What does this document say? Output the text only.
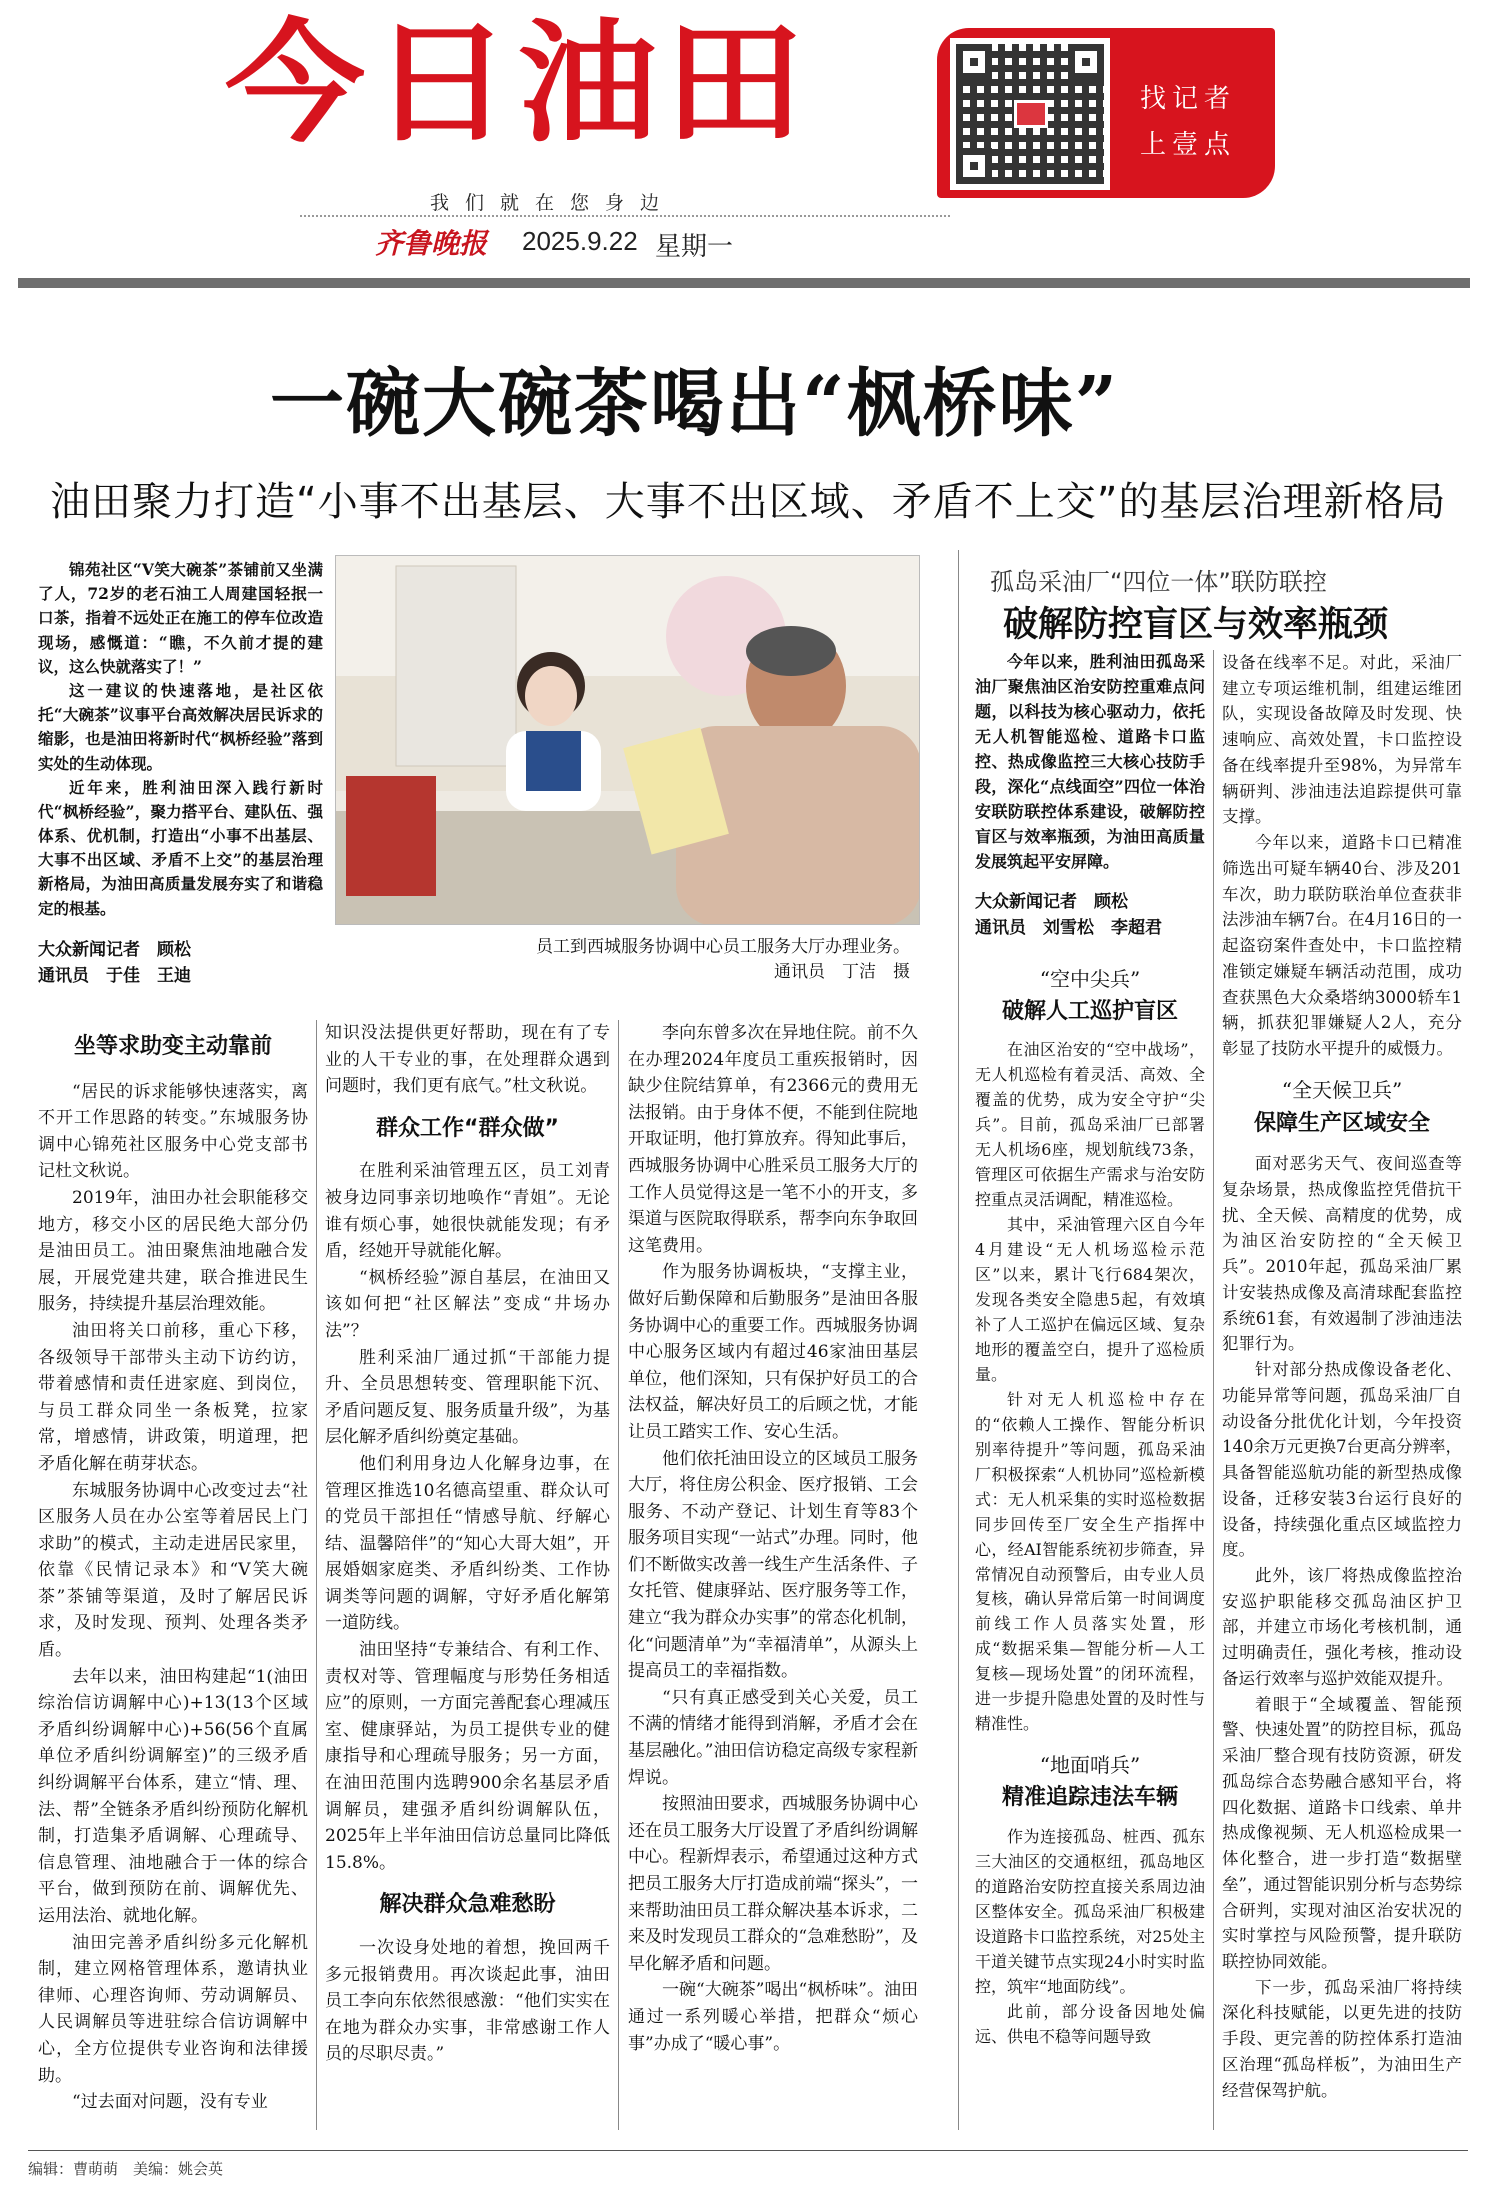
今日油田
我们就在您身边
齐鲁晚报 2025.9.22 星期一
找记者
上壹点
一碗大碗茶喝出“枫桥味”
油田聚力打造“小事不出基层、大事不出区域、矛盾不上交”的基层治理新格局

锦苑社区“V笑大碗茶”茶铺前又坐满了人，72岁的老石油工人周建国轻抿一口茶，指着不远处正在施工的停车位改造现场，感慨道：“瞧，不久前才提的建议，这么快就落实了！”

这一建议的快速落地，是社区依托“大碗茶”议事平台高效解决居民诉求的缩影，也是油田将新时代“枫桥经验”落到实处的生动体现。

近年来，胜利油田深入践行新时代“枫桥经验”，聚力搭平台、建队伍、强体系、优机制，打造出“小事不出基层、大事不出区域、矛盾不上交”的基层治理新格局，为油田高质量发展夯实了和谐稳定的根基。

大众新闻记者　顾松
通讯员　于佳　王迪
员工到西城服务协调中心员工服务大厅办理业务。
通讯员　丁洁　摄
坐等求助变主动靠前

“居民的诉求能够快速落实，离不开工作思路的转变。”东城服务协调中心锦苑社区服务中心党支部书记杜文秋说。

2019年，油田办社会职能移交地方，移交小区的居民绝大部分仍是油田员工。油田聚焦油地融合发展，开展党建共建，联合推进民生服务，持续提升基层治理效能。

油田将关口前移，重心下移，各级领导干部带头主动下访约访，带着感情和责任进家庭、到岗位，与员工群众同坐一条板凳，拉家常，增感情，讲政策，明道理，把矛盾化解在萌芽状态。

东城服务协调中心改变过去“社区服务人员在办公室等着居民上门求助”的模式，主动走进居民家里，依靠《民情记录本》和“V笑大碗茶”茶铺等渠道，及时了解居民诉求，及时发现、预判、处理各类矛盾。

去年以来，油田构建起“1(油田综治信访调解中心)+13(13个区域矛盾纠纷调解中心)+56(56个直属单位矛盾纠纷调解室)”的三级矛盾纠纷调解平台体系，建立“情、理、法、帮”全链条矛盾纠纷预防化解机制，打造集矛盾调解、心理疏导、信息管理、油地融合于一体的综合平台，做到预防在前、调解优先、运用法治、就地化解。

油田完善矛盾纠纷多元化解机制，建立网格管理体系，邀请执业律师、心理咨询师、劳动调解员、人民调解员等进驻综合信访调解中心，全方位提供专业咨询和法律援助。

“过去面对问题，没有专业

知识没法提供更好帮助，现在有了专业的人干专业的事，在处理群众遇到问题时，我们更有底气。”杜文秋说。

群众工作“群众做”

在胜利采油管理五区，员工刘青被身边同事亲切地唤作“青姐”。无论谁有烦心事，她很快就能发现；有矛盾，经她开导就能化解。

“枫桥经验”源自基层，在油田又该如何把“社区解法”变成“井场办法”？

胜利采油厂通过抓“干部能力提升、全员思想转变、管理职能下沉、矛盾问题反复、服务质量升级”，为基层化解矛盾纠纷奠定基础。

他们利用身边人化解身边事，在管理区推选10名德高望重、群众认可的党员干部担任“情感导航、纾解心结、温馨陪伴”的“知心大哥大姐”，开展婚姻家庭类、矛盾纠纷类、工作协调类等问题的调解，守好矛盾化解第一道防线。

油田坚持“专兼结合、有利工作、责权对等、管理幅度与形势任务相适应”的原则，一方面完善配套心理减压室、健康驿站，为员工提供专业的健康指导和心理疏导服务；另一方面，在油田范围内选聘900余名基层矛盾调解员，建强矛盾纠纷调解队伍，2025年上半年油田信访总量同比降低15.8%。

解决群众急难愁盼

一次设身处地的着想，挽回两千多元报销费用。再次谈起此事，油田员工李向东依然很感激：“他们实实在在地为群众办实事，非常感谢工作人员的尽职尽责。”

李向东曾多次在异地住院。前不久在办理2024年度员工重疾报销时，因缺少住院结算单，有2366元的费用无法报销。由于身体不便，不能到住院地开取证明，他打算放弃。得知此事后，西城服务协调中心胜采员工服务大厅的工作人员觉得这是一笔不小的开支，多渠道与医院取得联系，帮李向东争取回这笔费用。

作为服务协调板块，“支撑主业，做好后勤保障和后勤服务”是油田各服务协调中心的重要工作。西城服务协调中心服务区域内有超过46家油田基层单位，他们深知，只有保护好员工的合法权益，解决好员工的后顾之忧，才能让员工踏实工作、安心生活。

他们依托油田设立的区域员工服务大厅，将住房公积金、医疗报销、工会服务、不动产登记、计划生育等83个服务项目实现“一站式”办理。同时，他们不断做实改善一线生产生活条件、子女托管、健康驿站、医疗服务等工作，建立“我为群众办实事”的常态化机制，化“问题清单”为“幸福清单”，从源头上提高员工的幸福指数。

“只有真正感受到关心关爱，员工不满的情绪才能得到消解，矛盾才会在基层融化。”油田信访稳定高级专家程新焊说。

按照油田要求，西城服务协调中心还在员工服务大厅设置了矛盾纠纷调解中心。程新焊表示，希望通过这种方式把员工服务大厅打造成前端“探头”，一来帮助油田员工群众解决基本诉求，二来及时发现员工群众的“急难愁盼”，及早化解矛盾和问题。

一碗“大碗茶”喝出“枫桥味”。油田通过一系列暖心举措，把群众“烦心事”办成了“暖心事”。

孤岛采油厂“四位一体”联防联控
破解防控盲区与效率瓶颈

今年以来，胜利油田孤岛采油厂聚焦油区治安防控重难点问题，以科技为核心驱动力，依托无人机智能巡检、道路卡口监控、热成像监控三大核心技防手段，深化“点线面空”四位一体治安联防联控体系建设，破解防控盲区与效率瓶颈，为油田高质量发展筑起平安屏障。

大众新闻记者　顾松
通讯员　刘雪松　李超君
“空中尖兵”
破解人工巡护盲区

在油区治安的“空中战场”，无人机巡检有着灵活、高效、全覆盖的优势，成为安全守护“尖兵”。目前，孤岛采油厂已部署无人机场6座，规划航线73条，管理区可依据生产需求与治安防控重点灵活调配，精准巡检。

其中，采油管理六区自今年4月建设“无人机场巡检示范区”以来，累计飞行684架次，发现各类安全隐患5起，有效填补了人工巡护在偏远区域、复杂地形的覆盖空白，提升了巡检质量。

针对无人机巡检中存在的“依赖人工操作、智能分析识别率待提升”等问题，孤岛采油厂积极探索“人机协同”巡检新模式：无人机采集的实时巡检数据同步回传至厂安全生产指挥中心，经AI智能系统初步筛查，异常情况自动预警后，由专业人员复核，确认异常后第一时间调度前线工作人员落实处置，形成“数据采集—智能分析—人工复核—现场处置”的闭环流程，进一步提升隐患处置的及时性与精准性。

“地面哨兵”
精准追踪违法车辆

作为连接孤岛、桩西、孤东三大油区的交通枢纽，孤岛地区的道路治安防控直接关系周边油区整体安全。孤岛采油厂积极建设道路卡口监控系统，对25处主干道关键节点实现24小时实时监控，筑牢“地面防线”。

此前，部分设备因地处偏远、供电不稳等问题导致

设备在线率不足。对此，采油厂建立专项运维机制，组建运维团队，实现设备故障及时发现、快速响应、高效处置，卡口监控设备在线率提升至98%，为异常车辆研判、涉油违法追踪提供可靠支撑。

今年以来，道路卡口已精准筛选出可疑车辆40台、涉及201车次，助力联防联治单位查获非法涉油车辆7台。在4月16日的一起盗窃案件查处中，卡口监控精准锁定嫌疑车辆活动范围，成功查获黑色大众桑塔纳3000轿车1辆，抓获犯罪嫌疑人2人，充分彰显了技防水平提升的威慑力。

“全天候卫兵”
保障生产区域安全

面对恶劣天气、夜间巡查等复杂场景，热成像监控凭借抗干扰、全天候、高精度的优势，成为油区治安防控的“全天候卫兵”。2010年起，孤岛采油厂累计安装热成像及高清球配套监控系统61套，有效遏制了涉油违法犯罪行为。

针对部分热成像设备老化、功能异常等问题，孤岛采油厂自动设备分批优化计划，今年投资140余万元更换7台更高分辨率，具备智能巡航功能的新型热成像设备，迁移安装3台运行良好的设备，持续强化重点区域监控力度。

此外，该厂将热成像监控治安巡护职能移交孤岛油区护卫部，并建立市场化考核机制，通过明确责任，强化考核，推动设备运行效率与巡护效能双提升。

着眼于“全域覆盖、智能预警、快速处置”的防控目标，孤岛采油厂整合现有技防资源，研发孤岛综合态势融合感知平台，将四化数据、道路卡口线索、单井热成像视频、无人机巡检成果一体化整合，进一步打造“数据壁垒”，通过智能识别分析与态势综合研判，实现对油区治安状况的实时掌控与风险预警，提升联防联控协同效能。

下一步，孤岛采油厂将持续深化科技赋能，以更先进的技防手段、更完善的防控体系打造油区治理“孤岛样板”，为油田生产经营保驾护航。

编辑：曹萌萌　美编：姚会英
